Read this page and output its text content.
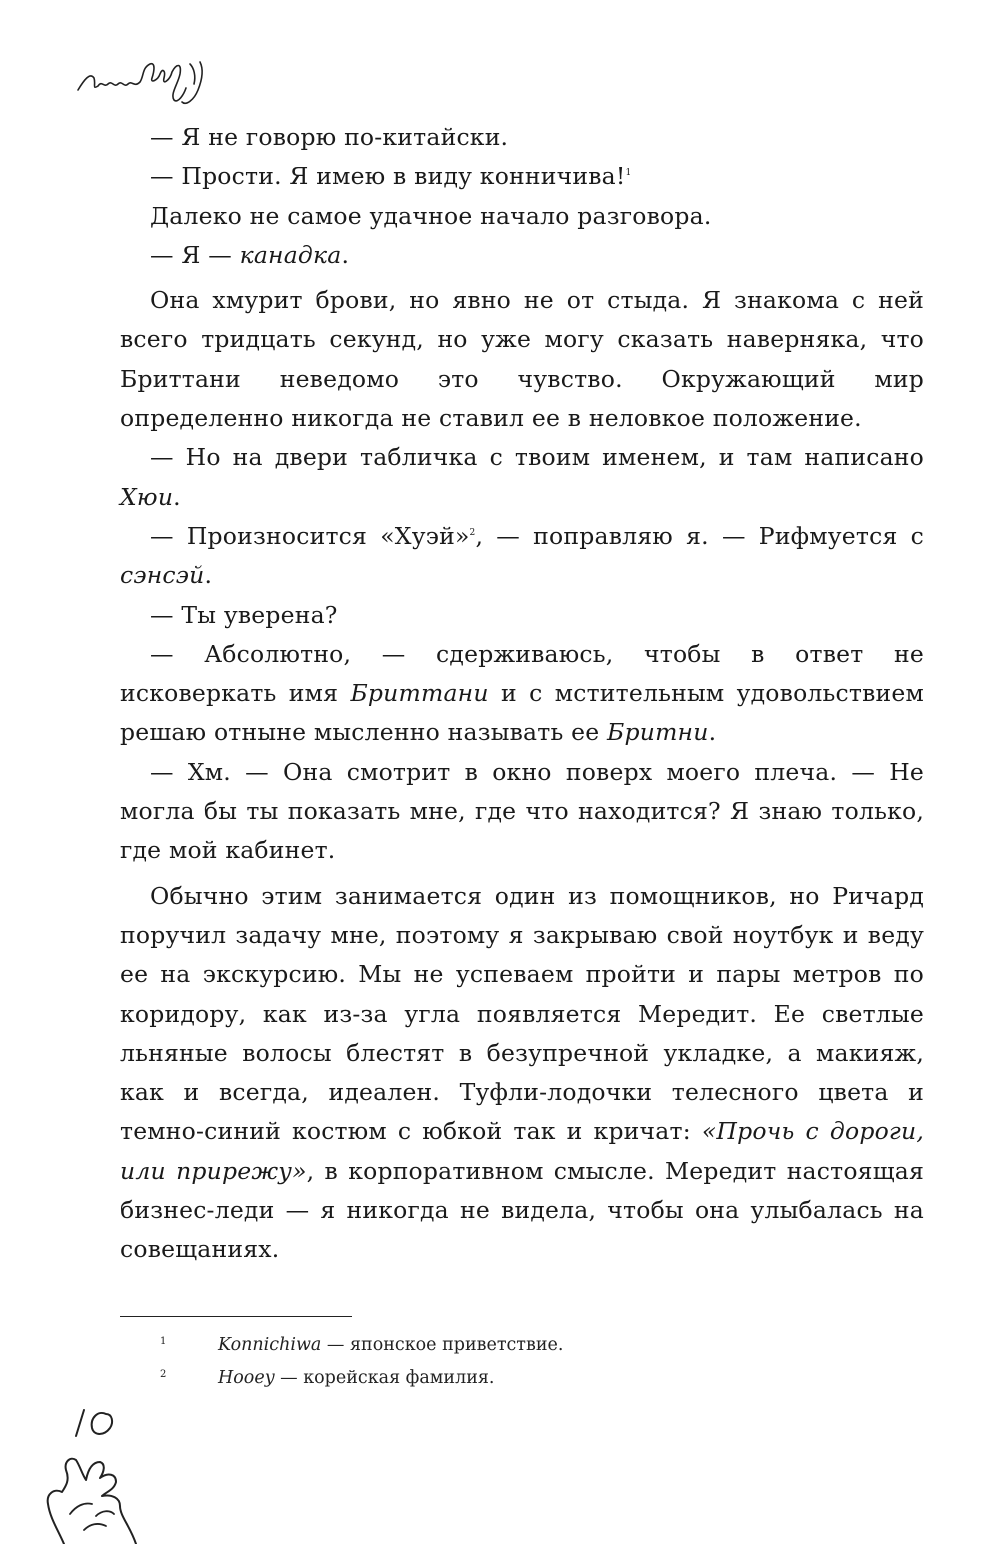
— Я не говорю по-китайски.

— Прости. Я имею в виду конничива!$^1$

Далеко не самое удачное начало разговора.

— Я — канадка.

Она хмурит брови, но явно не от стыда. Я знакома с ней всего тридцать секунд, но уже могу сказать наверняка, что Бриттани неведомо это чувство. Окружающий мир определенно никогда не ставил ее в неловкое положение.

— Но на двери табличка с твоим именем, и там написано Хюи.

— Произносится «Хуэй»$^2$, — поправляю я. — Рифмуется с сэнсэй.

— Ты уверена?

— Абсолютно, — сдерживаюсь, чтобы в ответ не исковеркать имя Бриттани и с мстительным удовольствием решаю отныне мысленно называть ее Бритни.

— Хм. — Она смотрит в окно поверх моего плеча. — Не могла бы ты показать мне, где что находится? Я знаю только, где мой кабинет.

Обычно этим занимается один из помощников, но Ричард поручил задачу мне, поэтому я закрываю свой ноутбук и веду ее на экскурсию. Мы не успеваем пройти и пары метров по коридору, как из-за угла появляется Мередит. Ее светлые льняные волосы блестят в безупречной укладке, а макияж, как и всегда, идеален. Туфли-лодочки телесного цвета и темно-синий костюм с юбкой так и кричат: «Прочь с дороги, или прирежу», в корпоративном смысле. Мередит настоящая бизнес-леди — я никогда не видела, чтобы она улыбалась на совещаниях.

1	Konnichiwa — японское приветствие.
2	Hooey — корейская фамилия.
